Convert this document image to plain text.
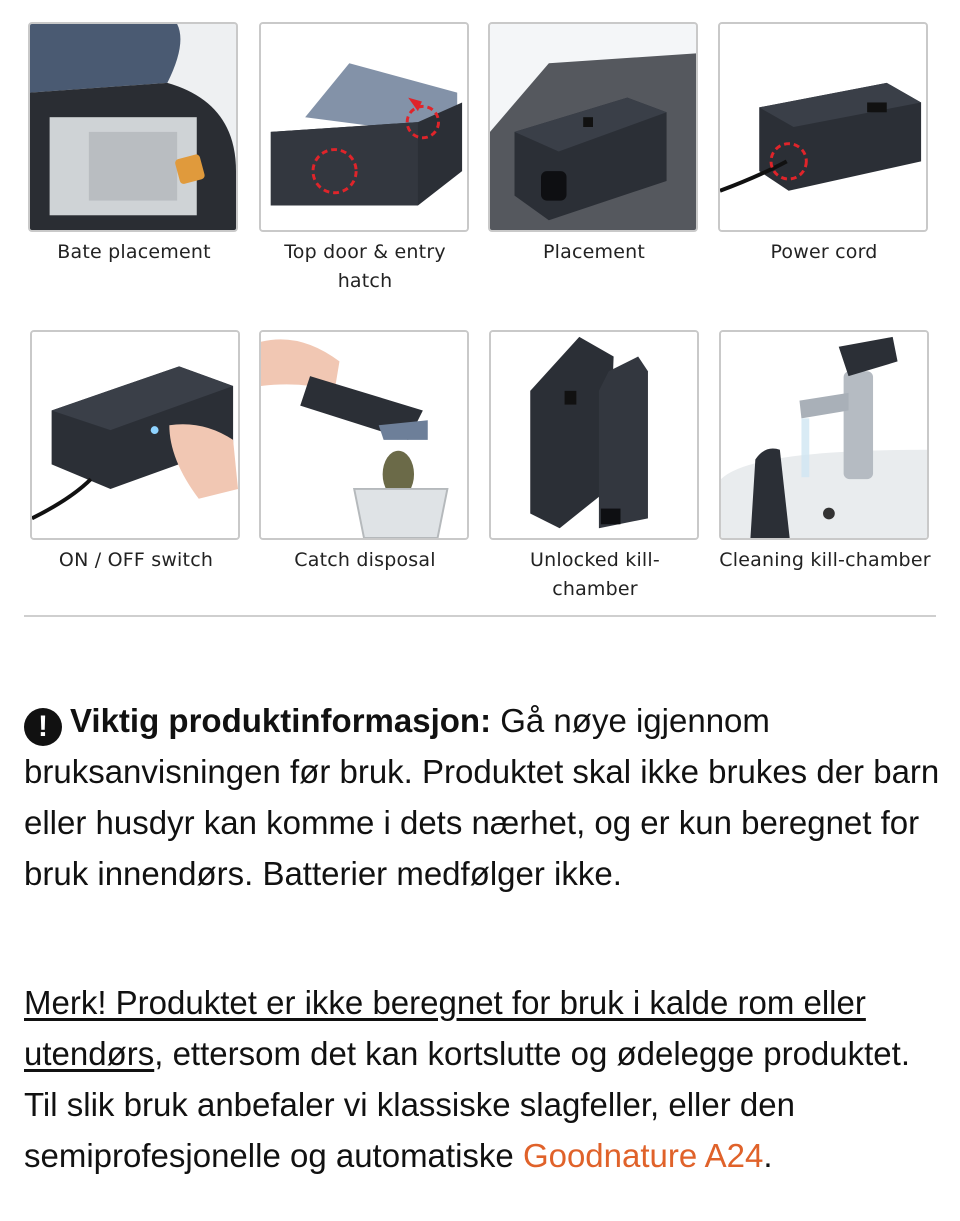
Bate placement	Top door & entry hatch
Placement	Power cord
ON / OFF switch	Catch disposal	Unlocked kill-chamber
Cleaning kill-chamber

! Viktig produktinformasjon: Gå nøye igjennom bruksanvisningen før bruk. Produktet skal ikke brukes der barn eller husdyr kan komme i dets nærhet, og er kun beregnet for bruk innendørs. Batterier medfølger ikke.

Merk! Produktet er ikke beregnet for bruk i kalde rom eller utendørs, ettersom det kan kortslutte og ødelegge produktet. Til slik bruk anbefaler vi klassiske slagfeller, eller den semiprofesjonelle og automatiske Goodnature A24.
